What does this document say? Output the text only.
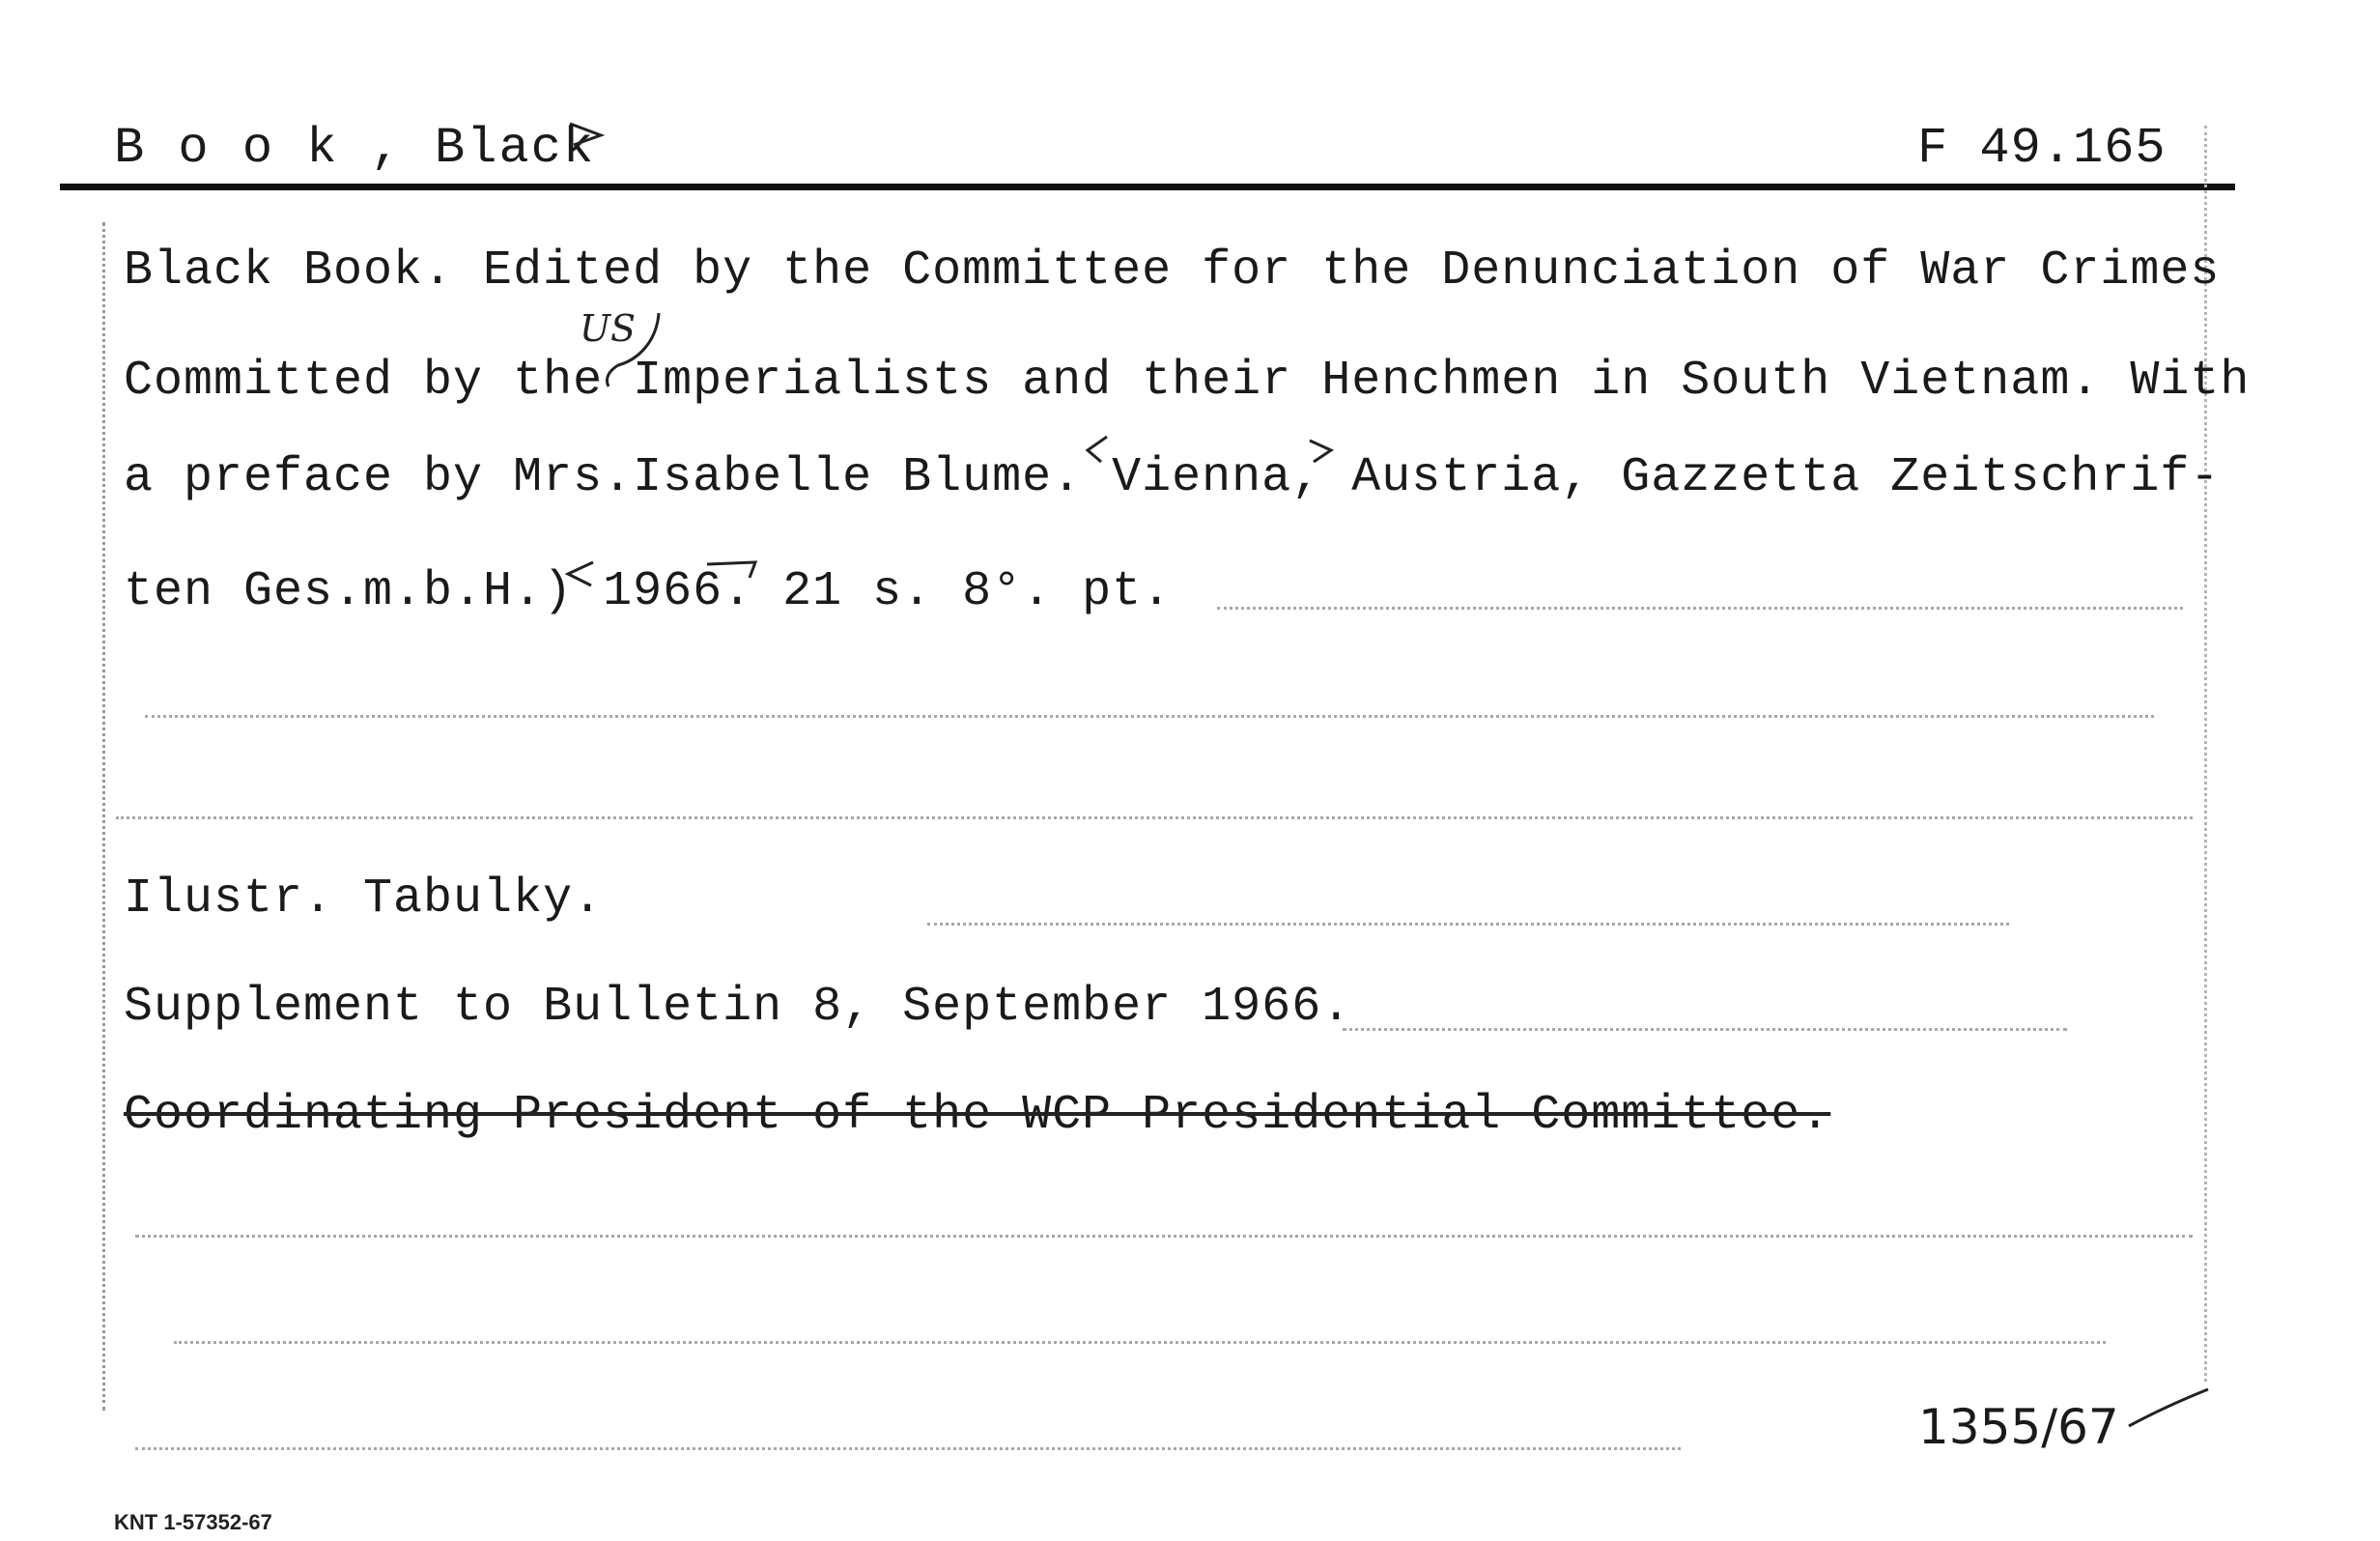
B o o k , Black	F 49.165
Black Book. Edited by the Committee for the Denunciation of War Crimes
US
Committed by the Imperialists and their Henchmen in South Vietnam. With
a preface by Mrs.Isabelle Blume. Vienna, Austria, Gazzetta Zeitschrif-
ten Ges.m.b.H.) 1966. 21 s. 8°. pt.
Ilustr. Tabulky.
Supplement to Bulletin 8, September 1966.
Coordinating President of the WCP Presidential Committee.
1355/67
KNT 1-57352-67
